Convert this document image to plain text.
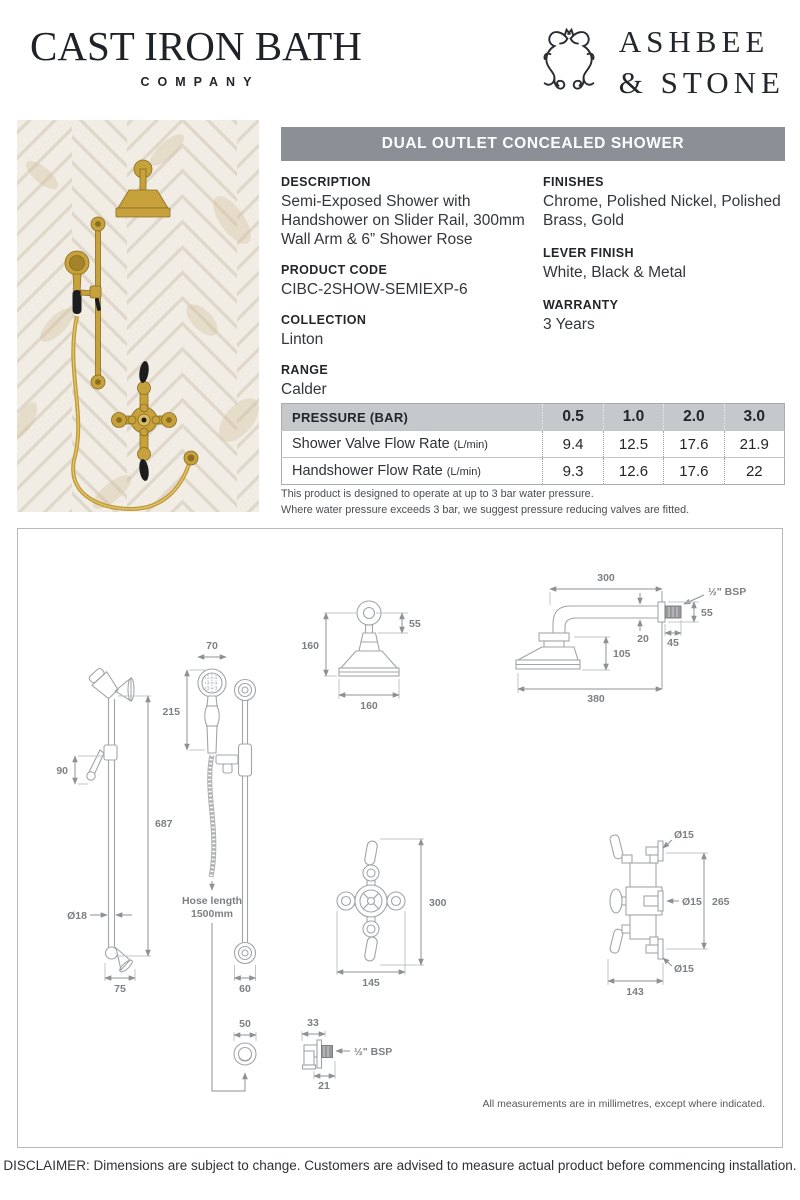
CAST IRON BATH
COMPANY
ASHBEE
& STONE
DUAL OUTLET CONCEALED SHOWER
DESCRIPTION
Semi-Exposed Shower with Handshower on Slider Rail, 300mm Wall Arm & 6” Shower Rose
PRODUCT CODE
CIBC-2SHOW-SEMIEXP-6
COLLECTION
Linton
RANGE
Calder
FINISHES
Chrome, Polished Nickel, Polished Brass, Gold
LEVER FINISH
White, Black & Metal
WARRANTY
3 Years
PRESSURE (BAR)	0.5	1.0	2.0	3.0
Shower Valve Flow Rate (L/min)	9.4	12.5	17.6	21.9
Handshower Flow Rate (L/min)	9.3	12.6	17.6	22
This product is designed to operate at up to 3 bar water pressure.
Where water pressure exceeds 3 bar, we suggest pressure reducing valves are fitted.
90
687
Ø18
75
Hose length
1500mm
70
215
60
50	33
½" BSP
21
55
160
160
300
½" BSP
55
20 45
105
380
300
145
Ø15
Ø15 265
Ø15
143
All measurements are in millimetres, except where indicated.
DISCLAIMER: Dimensions are subject to change. Customers are advised to measure actual product before commencing installation.
